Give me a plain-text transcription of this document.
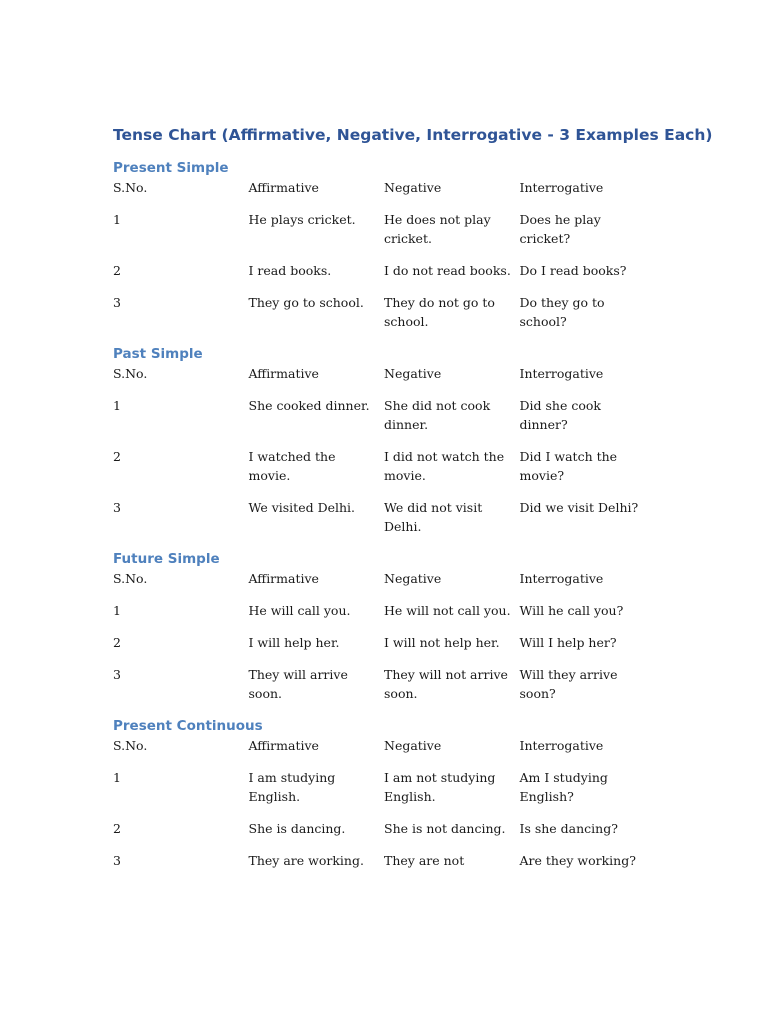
Tense Chart (Affirmative, Negative, Interrogative - 3 Examples Each)
Present Simple
S.No.	Affirmative	Negative	Interrogative
1	He plays cricket.	He does not play cricket.	Does he play cricket?
2	I read books.	I do not read books.	Do I read books?
3	They go to school.	They do not go to school.	Do they go to school?
Past Simple
S.No.	Affirmative	Negative	Interrogative
1	She cooked dinner.	She did not cook dinner.	Did she cook dinner?
2	I watched the movie.	I did not watch the movie.	Did I watch the movie?
3	We visited Delhi.	We did not visit Delhi.	Did we visit Delhi?
Future Simple
S.No.	Affirmative	Negative	Interrogative
1	He will call you.	He will not call you.	Will he call you?
2	I will help her.	I will not help her.	Will I help her?
3	They will arrive soon.	They will not arrive soon.	Will they arrive soon?
Present Continuous
S.No.	Affirmative	Negative	Interrogative
1	I am studying English.	I am not studying English.	Am I studying English?
2	She is dancing.	She is not dancing.	Is she dancing?
3	They are working.	They are not	Are they working?
